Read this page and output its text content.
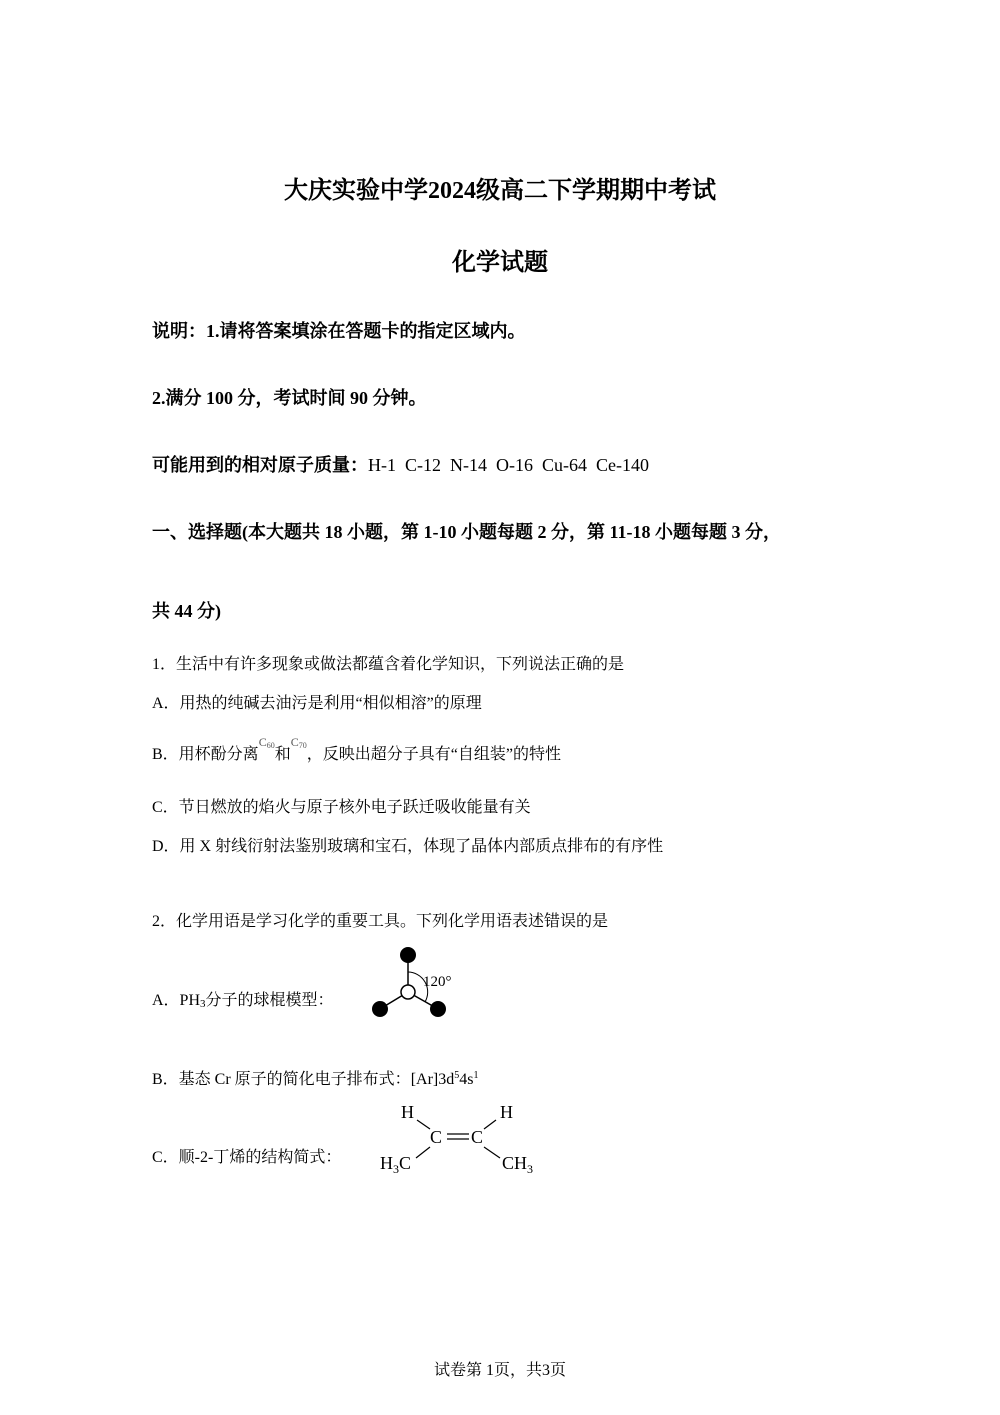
大庆实验中学2024级高二下学期期中考试
化学试题
说明：1.请将答案填涂在答题卡的指定区域内。
2.满分 100 分，考试时间 90 分钟。
可能用到的相对原子质量：H-1  C-12  N-14  O-16  Cu-64  Ce-140
一、选择题(本大题共 18 小题，第 1-10 小题每题 2 分，第 11-18 小题每题 3 分，
共 44 分)
1．生活中有许多现象或做法都蕴含着化学知识，下列说法正确的是
A．用热的纯碱去油污是利用“相似相溶”的原理
B．用杯酚分离$^{C60}$和$^{C70}$，反映出超分子具有“自组装”的特性
C．节日燃放的焰火与原子核外电子跃迁吸收能量有关
D．用 X 射线衍射法鉴别玻璃和宝石，体现了晶体内部质点排布的有序性
2．化学用语是学习化学的重要工具。下列化学用语表述错误的是
A．$PH_3$分子的球棍模型：
120°
B．基态 Cr 原子的简化电子排布式：$[Ar]3d^54s^1$
C．顺-2-丁烯的结构简式：
H	H
C C
$H_3C$	$CH_3$
试卷第 1页，共3页
